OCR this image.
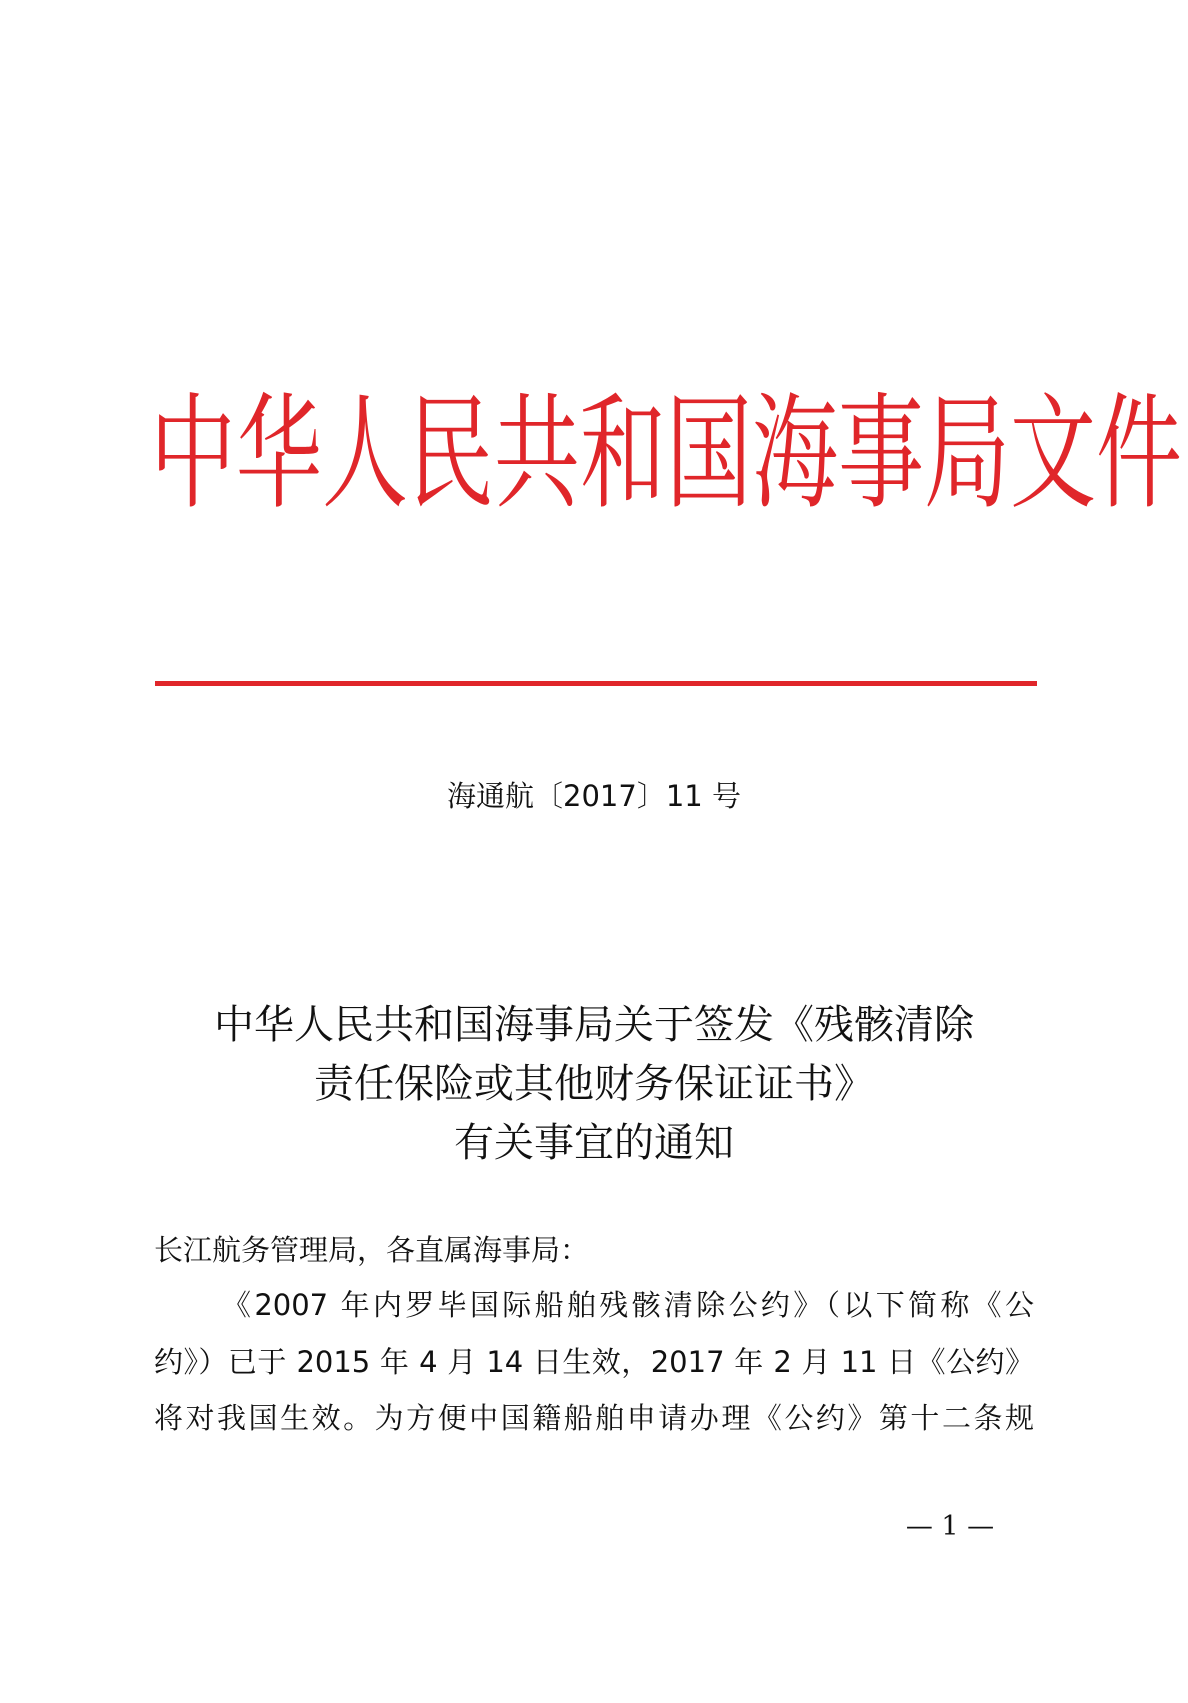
中华人民共和国海事局文件
海通航〔2017〕11 号
中华人民共和国海事局关于签发《残骸清除
责任保险或其他财务保证证书》
有关事宜的通知
长江航务管理局，各直属海事局：
《2007 年内罗毕国际船舶残骸清除公约》（以下简称《公
约》）已于 2015 年 4 月 14 日生效，2017 年 2 月 11 日《公约》
将对我国生效。为方便中国籍船舶申请办理《公约》第十二条规
— 1 —
